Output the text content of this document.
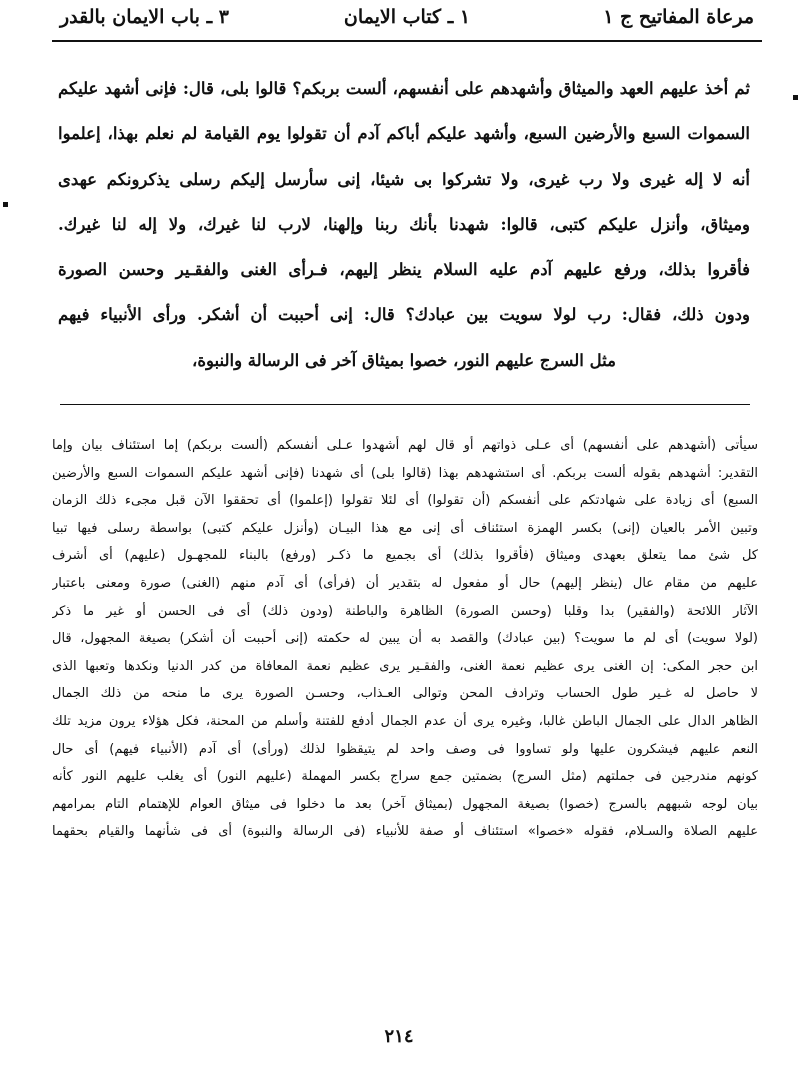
مرعاة المفاتيح ج ١
١ ـ كتاب الايمان
٣ ـ باب الايمان بالقدر
ثم أخذ عليهم العهد والميثاق وأشهدهم على أنفسهم، ألست بربكم؟ قالوا بلى، قال: فإنى أشهد عليكم
السموات السبع والأرضين السبع، وأشهد عليكم أباكم آدم أن تقولوا يوم القيامة لم نعلم بهذا، إعلموا
أنه لا إله غيرى ولا رب غيرى، ولا تشركوا بى شيئا، إنى سأرسل إليكم رسلى يذكرونكم عهدى
وميثاق، وأنزل عليكم كتبى، قالوا: شهدنا بأنك ربنا وإلهنا، لارب لنا غيرك، ولا إله لنا غيرك.
فأقروا بذلك، ورفع عليهم آدم عليه السلام ينظر إليهم، فـرأى الغنى والفقـير وحسن الصورة
ودون ذلك، فقال: رب لولا سويت بين عبادك؟ قال: إنى أحببت أن أشكر. ورأى الأنبياء فيهم
مثل السرج عليهم النور، خصوا بميثاق آخر فى الرسالة والنبوة،
سيأتى (أشهدهم على أنفسهم) أى عـلى ذواتهم أو قال لهم أشهدوا عـلى أنفسكم (ألست بربكم) إما استئناف بيان وإما
التقدير: أشهدهم بقوله ألست بربكم. أى استشهدهم بهذا (قالوا بلى) أى شهدنا (فإنى أشهد عليكم السموات السبع والأرضين
السبع) أى زيادة على شهادتكم على أنفسكم (أن تقولوا) أى لئلا تقولوا (إعلموا) أى تحققوا الآن قبل مجىء ذلك الزمان
وتبين الأمر بالعيان (إنى) بكسر الهمزة استئناف أى إنى مع هذا البيـان (وأنزل عليكم كتبى) بواسطة رسلى فيها تبيا
كل شئ مما يتعلق بعهدى وميثاق (فأقروا بذلك) أى بجميع ما ذكـر (ورفع) بالبناء للمجهـول (عليهم) أى أشرف
عليهم من مقام عال (ينظر إليهم) حال أو مفعول له بتقدير أن (فرأى) أى آدم منهم (الغنى) صورة ومعنى باعتبار
الآثار اللائحة (والفقير) بدا وقلبا (وحسن الصورة) الظاهرة والباطنة (ودون ذلك) أى فى الحسن أو غير ما ذكر
(لولا سويت) أى لم ما سويت؟ (بين عبادك) والقصد به أن يبين له حكمته (إنى أحببت أن أشكر) بصيغة المجهول، قال
ابن حجر المكى: إن الغنى يرى عظيم نعمة الغنى، والفقـير يرى عظيم نعمة المعافاة من كدر الدنيا ونكدها وتعبها الذى
لا حاصل له غـير طول الحساب وترادف المحن وتوالى العـذاب، وحسـن الصورة يرى ما منحه من ذلك الجمال
الظاهر الدال على الجمال الباطن غالبا، وغيره يرى أن عدم الجمال أدفع للفتنة وأسلم من المحنة، فكل هؤلاء يرون مزيد تلك
النعم عليهم فيشكرون عليها ولو تساووا فى وصف واحد لم يتيقظوا لذلك (ورأى) أى آدم (الأنبياء فيهم) أى حال
كونهم مندرجين فى جملتهم (مثل السرج) بضمتين جمع سراج بكسر المهملة (عليهم النور) أى يغلب عليهم النور كأنه
بيان لوجه شبههم بالسرج (خصوا) بصيغة المجهول (بميثاق آخر) بعد ما دخلوا فى ميثاق العوام للإهتمام التام بمرامهم
عليهم الصلاة والسـلام، فقوله «خصوا» استئناف أو صفة للأنبياء (فى الرسالة والنبوة) أى فى شأنهما والقيام بحقهما
٢١٤
